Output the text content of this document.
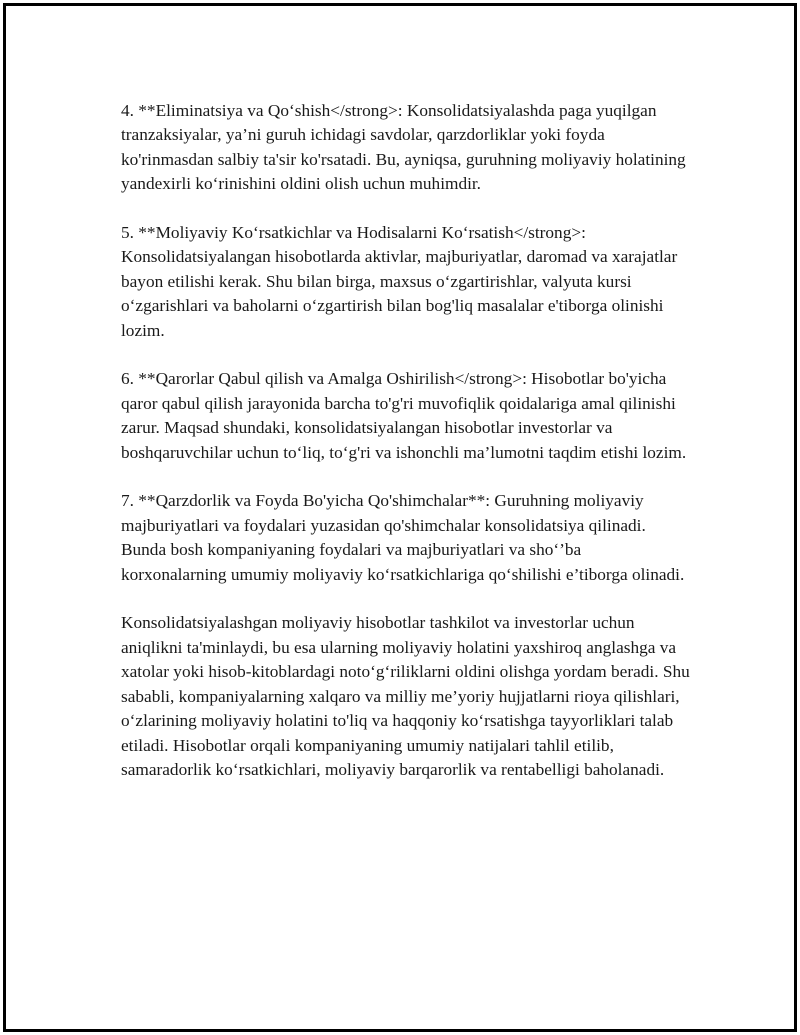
4. **Eliminatsiya va Qo‘shish</strong>: Konsolidatsiyalashda paga yuqilgan tranzaksiyalar, ya’ni guruh ichidagi savdolar, qarzdorliklar yoki foyda ko'rinmasdan salbiy ta'sir ko'rsatadi. Bu, ayniqsa, guruhning moliyaviy holatining yandexirli ko‘rinishini oldini olish uchun muhimdir.

5. **Moliyaviy Ko‘rsatkichlar va Hodisalarni Ko‘rsatish</strong>: Konsolidatsiyalangan hisobotlarda aktivlar, majburiyatlar, daromad va xarajatlar bayon etilishi kerak. Shu bilan birga, maxsus o‘zgartirishlar, valyuta kursi o‘zgarishlari va baholarni o‘zgartirish bilan bog'liq masalalar e'tiborga olinishi lozim.

6. **Qarorlar Qabul qilish va Amalga Oshirilish</strong>: Hisobotlar bo'yicha qaror qabul qilish jarayonida barcha to'g'ri muvofiqlik qoidalariga amal qilinishi zarur. Maqsad shundaki, konsolidatsiyalangan hisobotlar investorlar va boshqaruvchilar uchun to‘liq, to‘g'ri va ishonchli ma’lumotni taqdim etishi lozim.

7. **Qarzdorlik va Foyda Bo'yicha Qo'shimchalar**: Guruhning moliyaviy majburiyatlari va foydalari yuzasidan qo'shimchalar konsolidatsiya qilinadi. Bunda bosh kompaniyaning foydalari va majburiyatlari va sho‘’ba korxonalarning umumiy moliyaviy ko‘rsatkichlariga qo‘shilishi e’tiborga olinadi.

Konsolidatsiyalashgan moliyaviy hisobotlar tashkilot va investorlar uchun aniqlikni ta'minlaydi, bu esa ularning moliyaviy holatini yaxshiroq anglashga va xatolar yoki hisob-kitoblardagi noto‘g‘riliklarni oldini olishga yordam beradi. Shu sababli, kompaniyalarning xalqaro va milliy me’yoriy hujjatlarni rioya qilishlari, o‘zlarining moliyaviy holatini to'liq va haqqoniy ko‘rsatishga tayyorliklari talab etiladi. Hisobotlar orqali kompaniyaning umumiy natijalari tahlil etilib, samaradorlik ko‘rsatkichlari, moliyaviy barqarorlik va rentabelligi baholanadi.
